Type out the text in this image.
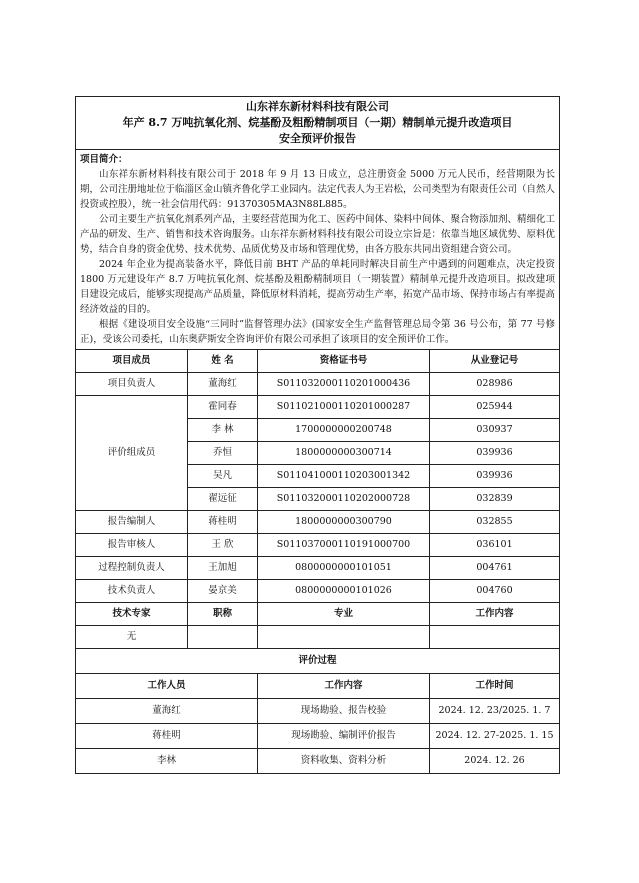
山东祥东新材料科技有限公司
年产 8.7 万吨抗氧化剂、烷基酚及粗酚精制项目（一期）精制单元提升改造项目
安全预评价报告			

项目简介：

山东祥东新材料科技有限公司于 2018 年 9 月 13 日成立，总注册资金 5000 万元人民币，经营期限为长期，公司注册地址位于临淄区金山镇齐鲁化学工业园内。法定代表人为王岩松，公司类型为有限责任公司（自然人投资或控股），统一社会信用代码：91370305MA3N88L885。

公司主要生产抗氧化剂系列产品，主要经营范围为化工、医药中间体、染料中间体、聚合物添加剂、精细化工产品的研发、生产、销售和技术咨询服务。山东祥东新材料科技有限公司设立宗旨是：依靠当地区域优势、原料优势，结合自身的资金优势、技术优势、品质优势及市场和管理优势，由各方股东共同出资组建合资公司。

2024 年企业为提高装备水平，降低目前 BHT 产品的单耗同时解决目前生产中遇到的问题难点，决定投资 1800 万元建设年产 8.7 万吨抗氧化剂、烷基酚及粗酚精制项目（一期装置）精制单元提升改造项目。拟改建项目建设完成后，能够实现提高产品质量，降低原材料消耗，提高劳动生产率，拓宽产品市场、保持市场占有率提高经济效益的目的。

根据《建设项目安全设施“三同时”监督管理办法》(国家安全生产监督管理总局令第 36 号公布，第 77 号修正)，受该公司委托，山东奥萨斯安全咨询评价有限公司承担了该项目的安全预评价工作。			

项目成员	姓 名	资格证书号	从业登记号
项目负责人	董海红	S011032000110201000436	028986
评价组成员	霍同春	S011021000110201000287	025944
	李 林	1700000000200748	030937
	乔恒	1800000000300714	039936
	吴凡	S011041000110203001342	039936
	翟远征	S011032000110202000728	032839
报告编制人	蒋桂明	1800000000300790	032855
报告审核人	王 欣	S011037000110191000700	036101
过程控制负责人	王加旭	0800000000101051	004761
技术负责人	晏京美	0800000000101026	004760
技术专家	职称	专业	工作内容
无			
评价过程			
工作人员		工作内容	工作时间
董海红		现场勘验、报告校验	2024. 12. 23/2025. 1. 7
蒋桂明		现场勘验、编制评价报告	2024. 12. 27-2025. 1. 15
李林		资料收集、资料分析	2024. 12. 26
